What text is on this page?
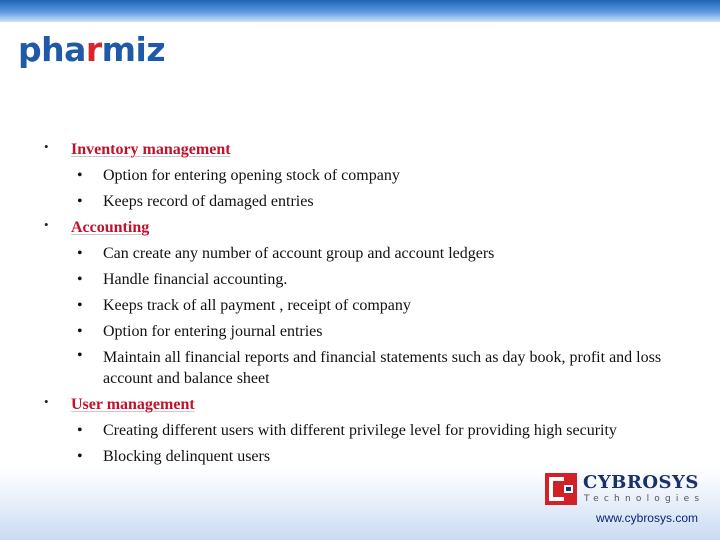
pharmiz
•	Inventory management
• Option for entering opening stock of company
• Keeps record of damaged entries
•	Accounting
• Can create any number of account group and account ledgers
• Handle financial accounting.
• Keeps track of all payment , receipt of company
• Option for entering journal entries
• Maintain all financial reports and financial statements such as day book, profit and loss account and balance sheet
•	User management
• Creating different users with different privilege level for providing high security
• Blocking delinquent users
CYBROSYS
Technologies
www.cybrosys.com
